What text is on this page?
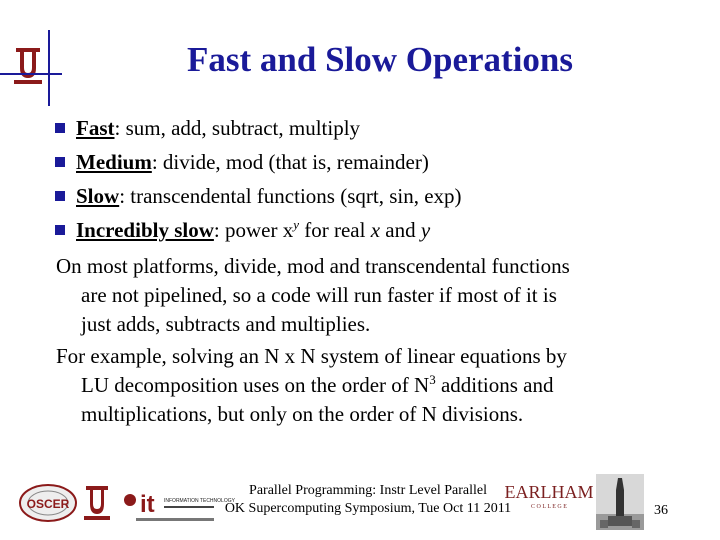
Fast and Slow Operations
Fast: sum, add, subtract, multiply
Medium: divide, mod (that is, remainder)
Slow: transcendental functions (sqrt, sin, exp)
Incredibly slow: power $x^y$ for real x and y
On most platforms, divide, mod and transcendental functions
are not pipelined, so a code will run faster if most of it is
just adds, subtracts and multiplies.
For example, solving an N x N system of linear equations by
LU decomposition uses on the order of $N^3$ additions and
multiplications, but only on the order of N divisions.
OSCER	it INFORMATION TECHNOLOGY
Parallel Programming: Instr Level Parallel
OK Supercomputing Symposium, Tue Oct 11 2011
EARLHAM
C O L L E G E	36
